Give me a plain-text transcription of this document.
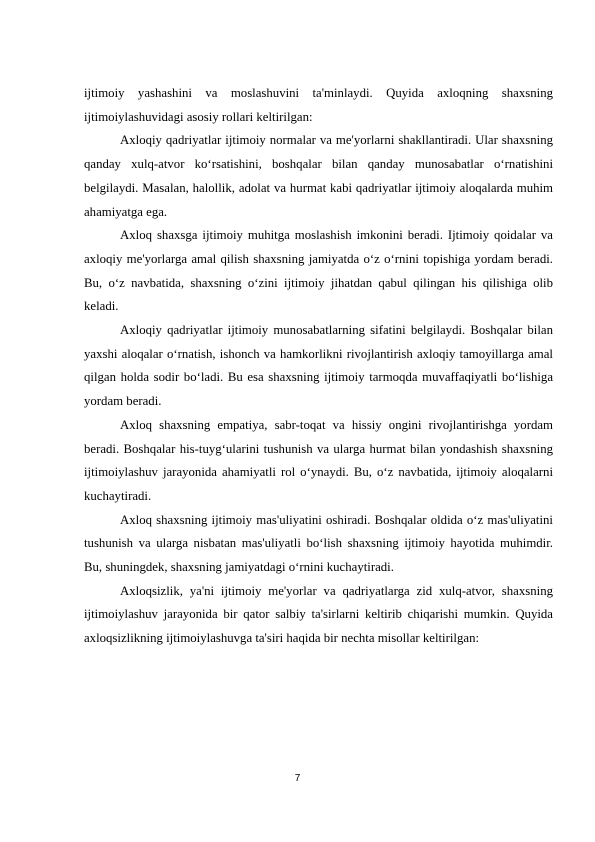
ijtimoiy yashashini va moslashuvini ta'minlaydi. Quyida axloqning shaxsning ijtimoiylashuvidagi asosiy rollari keltirilgan:

Axloqiy qadriyatlar ijtimoiy normalar va me'yorlarni shakllantiradi. Ular shaxsning qanday xulq-atvor ko‘rsatishini, boshqalar bilan qanday munosabatlar o‘rnatishini belgilaydi. Masalan, halollik, adolat va hurmat kabi qadriyatlar ijtimoiy aloqalarda muhim ahamiyatga ega.

Axloq shaxsga ijtimoiy muhitga moslashish imkonini beradi. Ijtimoiy qoidalar va axloqiy me'yorlarga amal qilish shaxsning jamiyatda o‘z o‘rnini topishiga yordam beradi. Bu, o‘z navbatida, shaxsning o‘zini ijtimoiy jihatdan qabul qilingan his qilishiga olib keladi.

Axloqiy qadriyatlar ijtimoiy munosabatlarning sifatini belgilaydi. Boshqalar bilan yaxshi aloqalar o‘rnatish, ishonch va hamkorlikni rivojlantirish axloqiy tamoyillarga amal qilgan holda sodir bo‘ladi. Bu esa shaxsning ijtimoiy tarmoqda muvaffaqiyatli bo‘lishiga yordam beradi.

Axloq shaxsning empatiya, sabr-toqat va hissiy ongini rivojlantirishga yordam beradi. Boshqalar his-tuyg‘ularini tushunish va ularga hurmat bilan yondashish shaxsning ijtimoiylashuv jarayonida ahamiyatli rol o‘ynaydi. Bu, o‘z navbatida, ijtimoiy aloqalarni kuchaytiradi.

Axloq shaxsning ijtimoiy mas'uliyatini oshiradi. Boshqalar oldida o‘z mas'uliyatini tushunish va ularga nisbatan mas'uliyatli bo‘lish shaxsning ijtimoiy hayotida muhimdir. Bu, shuningdek, shaxsning jamiyatdagi o‘rnini kuchaytiradi.

Axloqsizlik, ya'ni ijtimoiy me'yorlar va qadriyatlarga zid xulq-atvor, shaxsning ijtimoiylashuv jarayonida bir qator salbiy ta'sirlarni keltirib chiqarishi mumkin. Quyida axloqsizlikning ijtimoiylashuvga ta'siri haqida bir nechta misollar keltirilgan:

7
